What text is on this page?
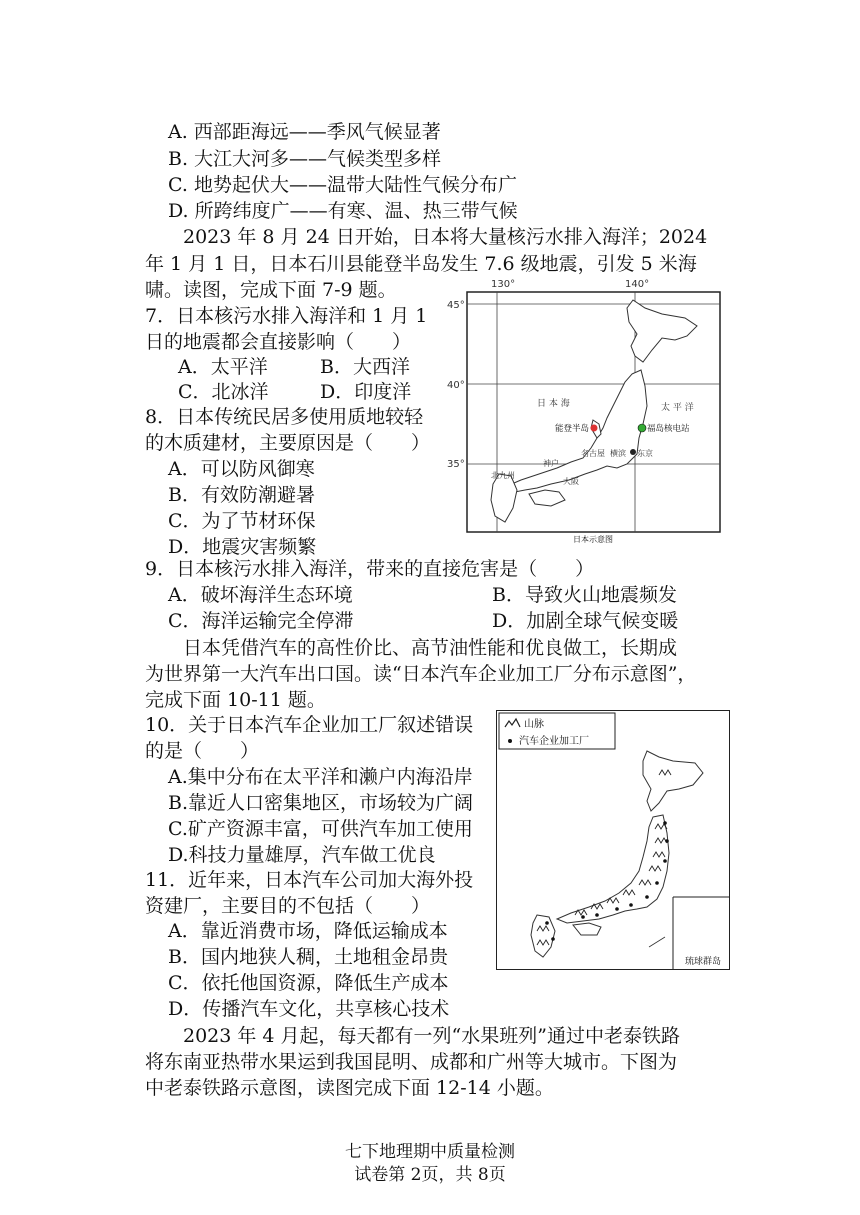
A. 西部距海远——季风气候显著
B. 大江大河多——气候类型多样
C. 地势起伏大——温带大陆性气候分布广
D. 所跨纬度广——有寒、温、热三带气候
2023 年 8 月 24 日开始，日本将大量核污水排入海洋；2024
年 1 月 1 日，日本石川县能登半岛发生 7.6 级地震，引发 5 米海
啸。读图，完成下面 7-9 题。
7．日本核污水排入海洋和 1 月 1
日的地震都会直接影响（　　）
A．太平洋	B．大西洋
C．北冰洋	D．印度洋
8．日本传统民居多使用质地较轻
的木质建材，主要原因是（　　）
A．可以防风御寒
B．有效防潮避暑
C．为了节材环保
D．地震灾害频繁
130°	140°
45°
40°
35°
日 本 海	太 平 洋
能登半岛	福岛核电站
名古屋 横滨 东京
神户
大阪
北九州
日本示意图
9．日本核污水排入海洋，带来的直接危害是（　　）
A．破坏海洋生态环境	B．导致火山地震频发
C．海洋运输完全停滞	D．加剧全球气候变暖
日本凭借汽车的高性价比、高节油性能和优良做工，长期成
为世界第一大汽车出口国。读“日本汽车企业加工厂分布示意图”，
完成下面 10-11 题。
10．关于日本汽车企业加工厂叙述错误
的是（　　）
A.集中分布在太平洋和濑户内海沿岸
B.靠近人口密集地区，市场较为广阔
C.矿产资源丰富，可供汽车加工使用
D.科技力量雄厚，汽车做工优良
11．近年来，日本汽车公司加大海外投
资建厂，主要目的不包括（　　）
A．靠近消费市场，降低运输成本
B．国内地狭人稠，土地租金昂贵
C．依托他国资源，降低生产成本
D．传播汽车文化，共享核心技术
山脉
汽车企业加工厂
琉球群岛
2023 年 4 月起，每天都有一列“水果班列”通过中老泰铁路
将东南亚热带水果运到我国昆明、成都和广州等大城市。下图为
中老泰铁路示意图，读图完成下面 12-14 小题。
七下地理期中质量检测
试卷第 2页，共 8页
